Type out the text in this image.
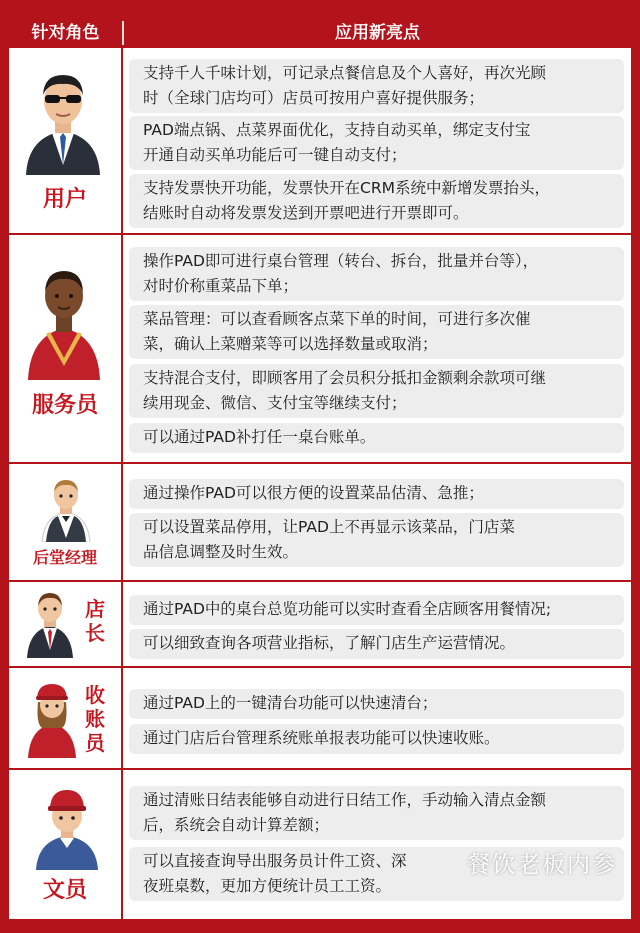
针对角色	应用新亮点
用户
支持千人千味计划，可记录点餐信息及个人喜好，再次光顾
时（全球门店均可）店员可按用户喜好提供服务；
PAD端点锅、点菜界面优化，支持自动买单，绑定支付宝
开通自动买单功能后可一键自动支付；
支持发票快开功能，发票快开在CRM系统中新增发票抬头，
结账时自动将发票发送到开票吧进行开票即可。
服务员
操作PAD即可进行桌台管理（转台、拆台，批量并台等），
对时价称重菜品下单；
菜品管理：可以查看顾客点菜下单的时间，可进行多次催
菜，确认上菜赠菜等可以选择数量或取消；
支持混合支付，即顾客用了会员积分抵扣金额剩余款项可继
续用现金、微信、支付宝等继续支付；
可以通过PAD补打任一桌台账单。
后堂经理
通过操作PAD可以很方便的设置菜品估清、急推；
可以设置菜品停用，让PAD上不再显示该菜品，门店菜
品信息调整及时生效。
店长
通过PAD中的桌台总览功能可以实时查看全店顾客用餐情况;
可以细致查询各项营业指标，了解门店生产运营情况。
收账员
通过PAD上的一键清台功能可以快速清台；
通过门店后台管理系统账单报表功能可以快速收账。
文员
通过清账日结表能够自动进行日结工作，手动输入清点金额
后，系统会自动计算差额；
可以直接查询导出服务员计件工资、深
夜班桌数，更加方便统计员工工资。
餐饮老板内参
餐 饮 老 板 内 参 · 中 国 餐 饮 行 业 第 一 自 媒 体
